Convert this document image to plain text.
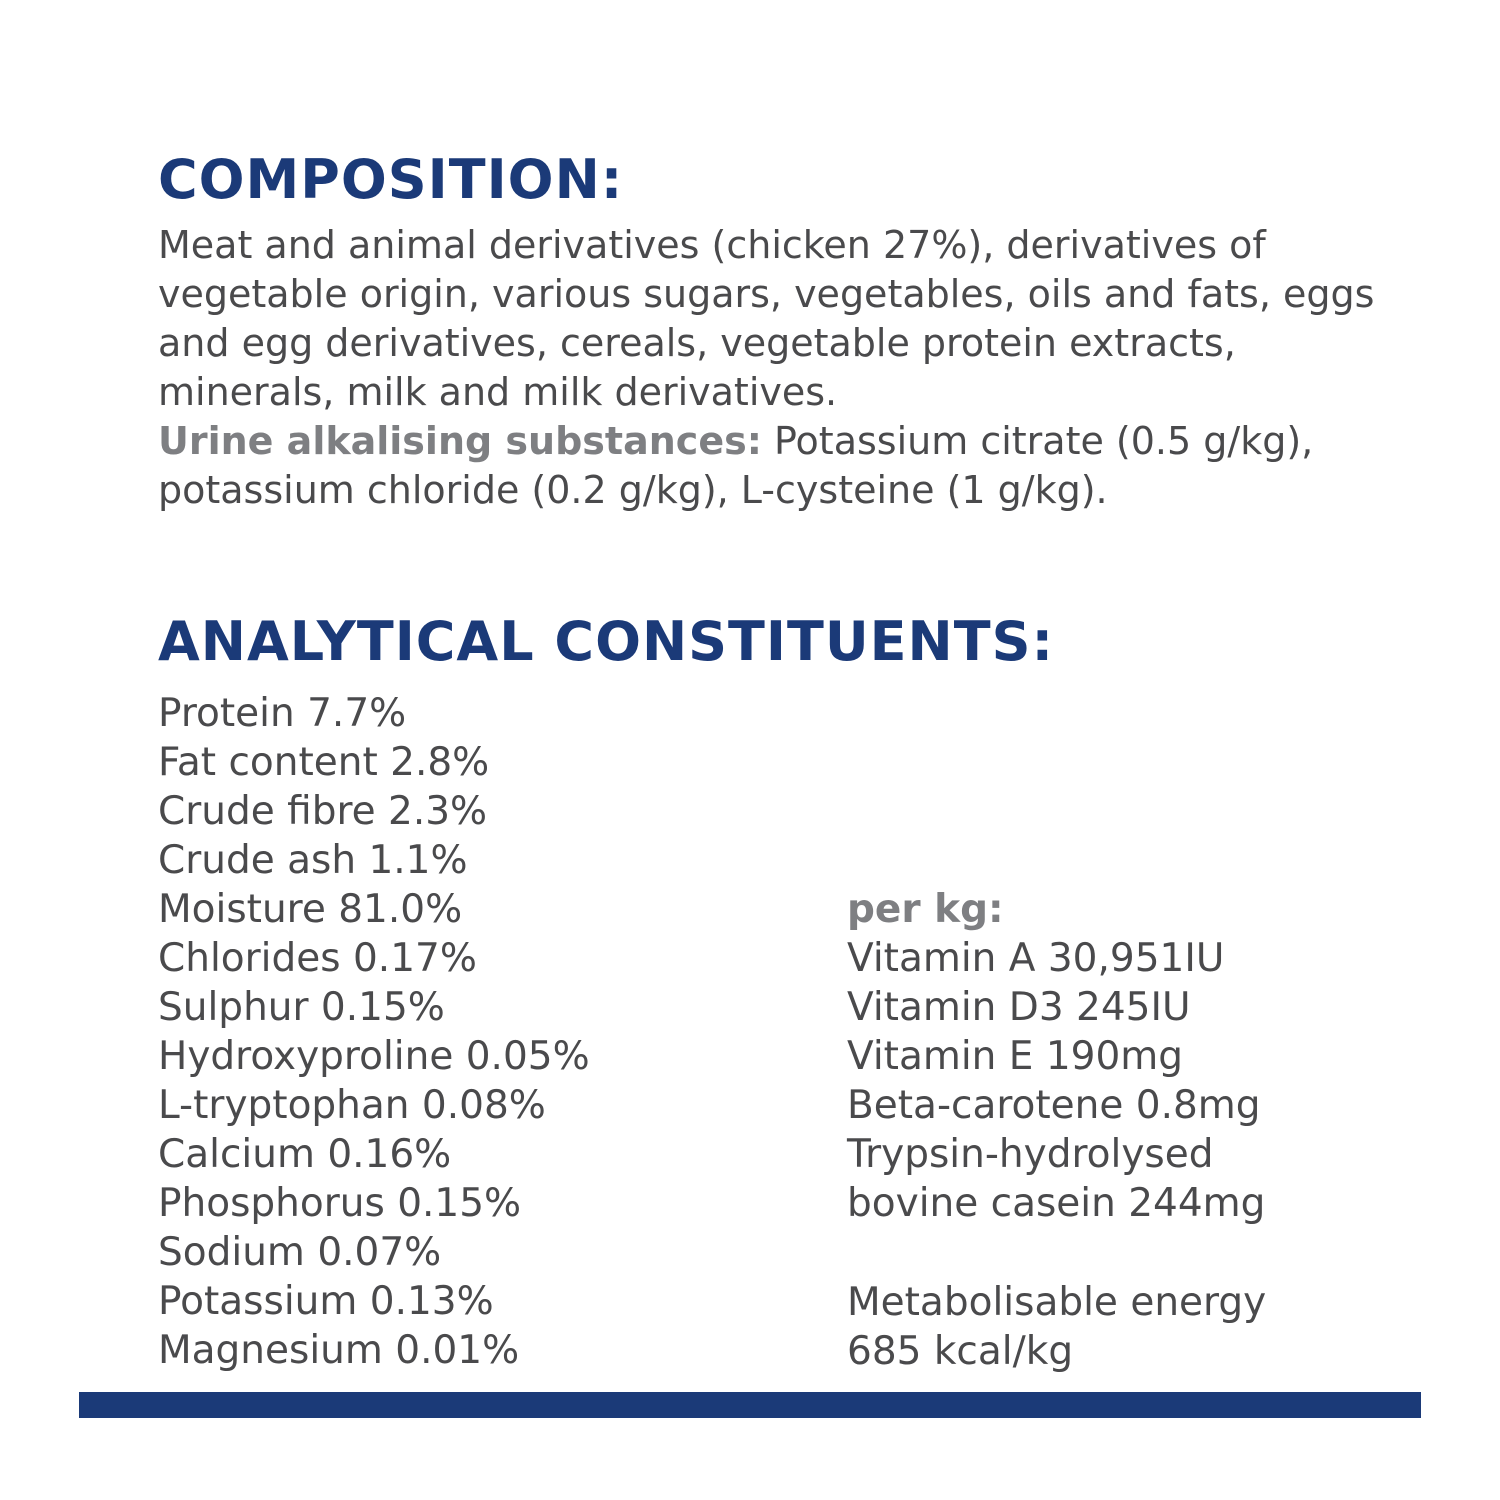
COMPOSITION:

Meat and animal derivatives (chicken 27%), derivatives of vegetable origin, various sugars, vegetables, oils and fats, eggs and egg derivatives, cereals, vegetable protein extracts, minerals, milk and milk derivatives.

Urine alkalising substances: Potassium citrate (0.5 g/kg), potassium chloride (0.2 g/kg), L-cysteine (1 g/kg).

ANALYTICAL CONSTITUENTS:
Protein 7.7%
Fat content 2.8%
Crude fibre 2.3%
Crude ash 1.1%
Moisture 81.0%
Chlorides 0.17%
Sulphur 0.15%
Hydroxyproline 0.05%
L-tryptophan 0.08%
Calcium 0.16%
Phosphorus 0.15%
Sodium 0.07%
Potassium 0.13%
Magnesium 0.01%
per kg:
Vitamin A 30,951IU
Vitamin D3 245IU
Vitamin E 190mg
Beta-carotene 0.8mg
Trypsin-hydrolysed
bovine casein 244mg
Metabolisable energy
685 kcal/kg
